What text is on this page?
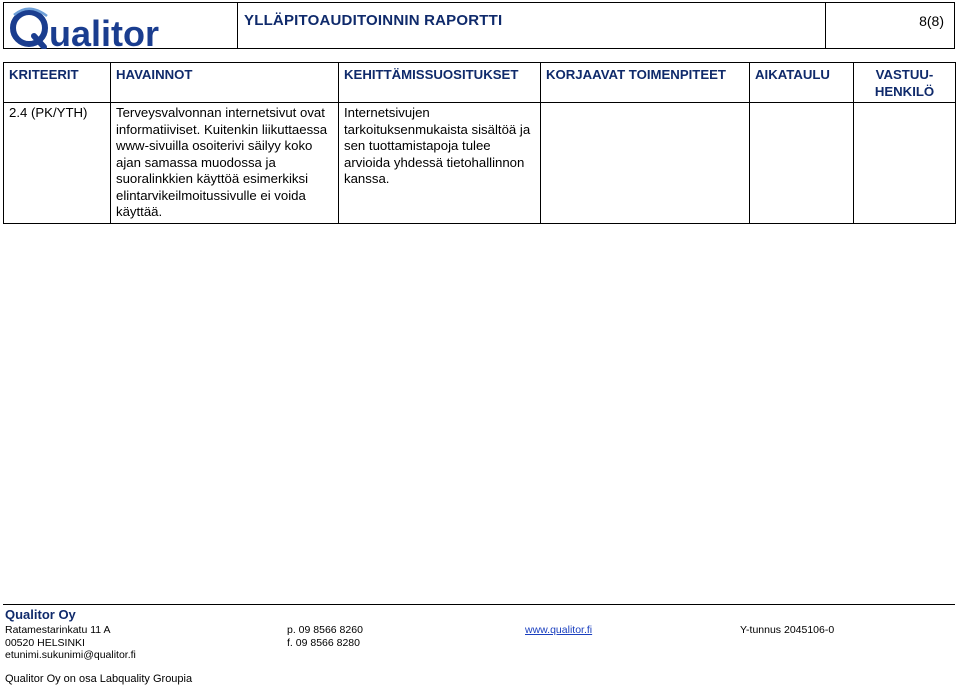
ualitor	YLLÄPITOAUDITOINNIN RAPORTTI	8(8)
KRITEERIT	HAVAINNOT	KEHITTÄMISSUOSITUKSET	KORJAAVAT TOIMENPITEET	AIKATAULU	VASTUU-HENKILÖ
2.4 (PK/YTH)	Terveysvalvonnan internetsivut ovat informatiiviset. Kuitenkin liikuttaessa www-sivuilla osoiterivi säilyy koko ajan samassa muodossa ja suoralinkkien käyttöä esimerkiksi elintarvikeilmoitussivulle ei voida käyttää.	Internetsivujen tarkoituksenmukaista sisältöä ja sen tuottamistapoja tulee arvioida yhdessä tietohallinnon kanssa.			
Qualitor Oy
Ratamestarinkatu 11 A
00520 HELSINKI
etunimi.sukunimi@qualitor.fi
p. 09 8566 8260
f. 09 8566 8280
www.qualitor.fi	Y-tunnus 2045106-0
Qualitor Oy on osa Labquality Groupia
